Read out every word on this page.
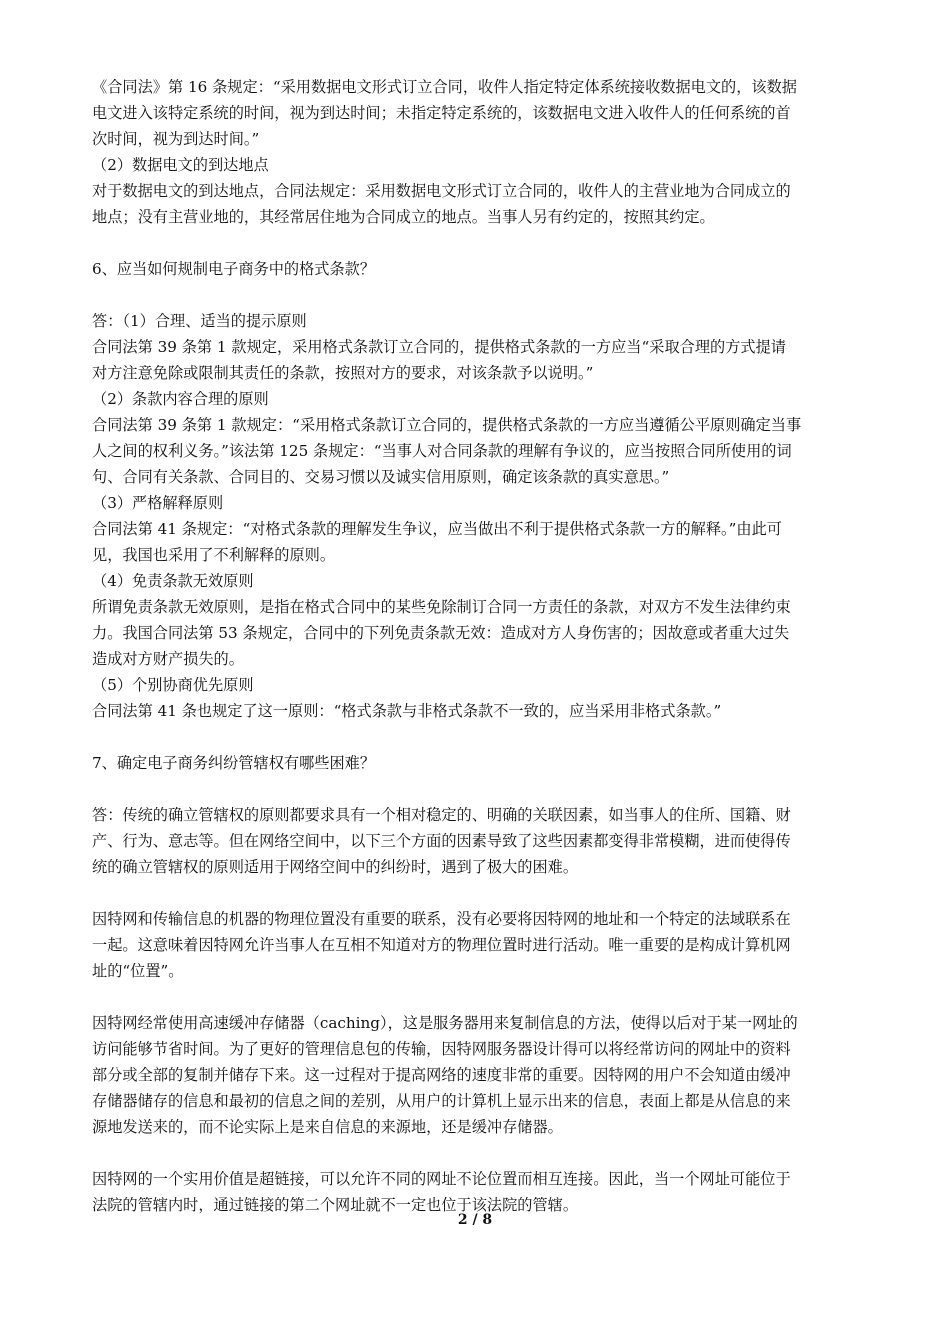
《合同法》第 16 条规定：“采用数据电文形式订立合同，收件人指定特定体系统接收数据电文的，该数据
电文进入该特定系统的时间，视为到达时间；未指定特定系统的，该数据电文进入收件人的任何系统的首
次时间，视为到达时间。”
（2）数据电文的到达地点
对于数据电文的到达地点，合同法规定：采用数据电文形式订立合同的，收件人的主营业地为合同成立的
地点；没有主营业地的，其经常居住地为合同成立的地点。当事人另有约定的，按照其约定。
6、应当如何规制电子商务中的格式条款？
答：（1）合理、适当的提示原则
合同法第 39 条第 1 款规定，采用格式条款订立合同的，提供格式条款的一方应当“采取合理的方式提请
对方注意免除或限制其责任的条款，按照对方的要求，对该条款予以说明。”
（2）条款内容合理的原则
合同法第 39 条第 1 款规定：“采用格式条款订立合同的，提供格式条款的一方应当遵循公平原则确定当事
人之间的权利义务。”该法第 125 条规定：“当事人对合同条款的理解有争议的，应当按照合同所使用的词
句、合同有关条款、合同目的、交易习惯以及诚实信用原则，确定该条款的真实意思。”
（3）严格解释原则
合同法第 41 条规定：“对格式条款的理解发生争议，应当做出不利于提供格式条款一方的解释。”由此可
见，我国也采用了不利解释的原则。
（4）免责条款无效原则
所谓免责条款无效原则，是指在格式合同中的某些免除制订合同一方责任的条款，对双方不发生法律约束
力。我国合同法第 53 条规定，合同中的下列免责条款无效：造成对方人身伤害的；因故意或者重大过失
造成对方财产损失的。
（5）个别协商优先原则
合同法第 41 条也规定了这一原则：“格式条款与非格式条款不一致的，应当采用非格式条款。”
7、确定电子商务纠纷管辖权有哪些困难？
答：传统的确立管辖权的原则都要求具有一个相对稳定的、明确的关联因素，如当事人的住所、国籍、财
产、行为、意志等。但在网络空间中，以下三个方面的因素导致了这些因素都变得非常模糊，进而使得传
统的确立管辖权的原则适用于网络空间中的纠纷时，遇到了极大的困难。
因特网和传输信息的机器的物理位置没有重要的联系，没有必要将因特网的地址和一个特定的法域联系在
一起。这意味着因特网允许当事人在互相不知道对方的物理位置时进行活动。唯一重要的是构成计算机网
址的“位置”。
因特网经常使用高速缓冲存储器（caching），这是服务器用来复制信息的方法，使得以后对于某一网址的
访问能够节省时间。为了更好的管理信息包的传输，因特网服务器设计得可以将经常访问的网址中的资料
部分或全部的复制并储存下来。这一过程对于提高网络的速度非常的重要。因特网的用户不会知道由缓冲
存储器储存的信息和最初的信息之间的差别，从用户的计算机上显示出来的信息，表面上都是从信息的来
源地发送来的，而不论实际上是来自信息的来源地，还是缓冲存储器。
因特网的一个实用价值是超链接，可以允许不同的网址不论位置而相互连接。因此，当一个网址可能位于
法院的管辖内时，通过链接的第二个网址就不一定也位于该法院的管辖。
2 / 8
